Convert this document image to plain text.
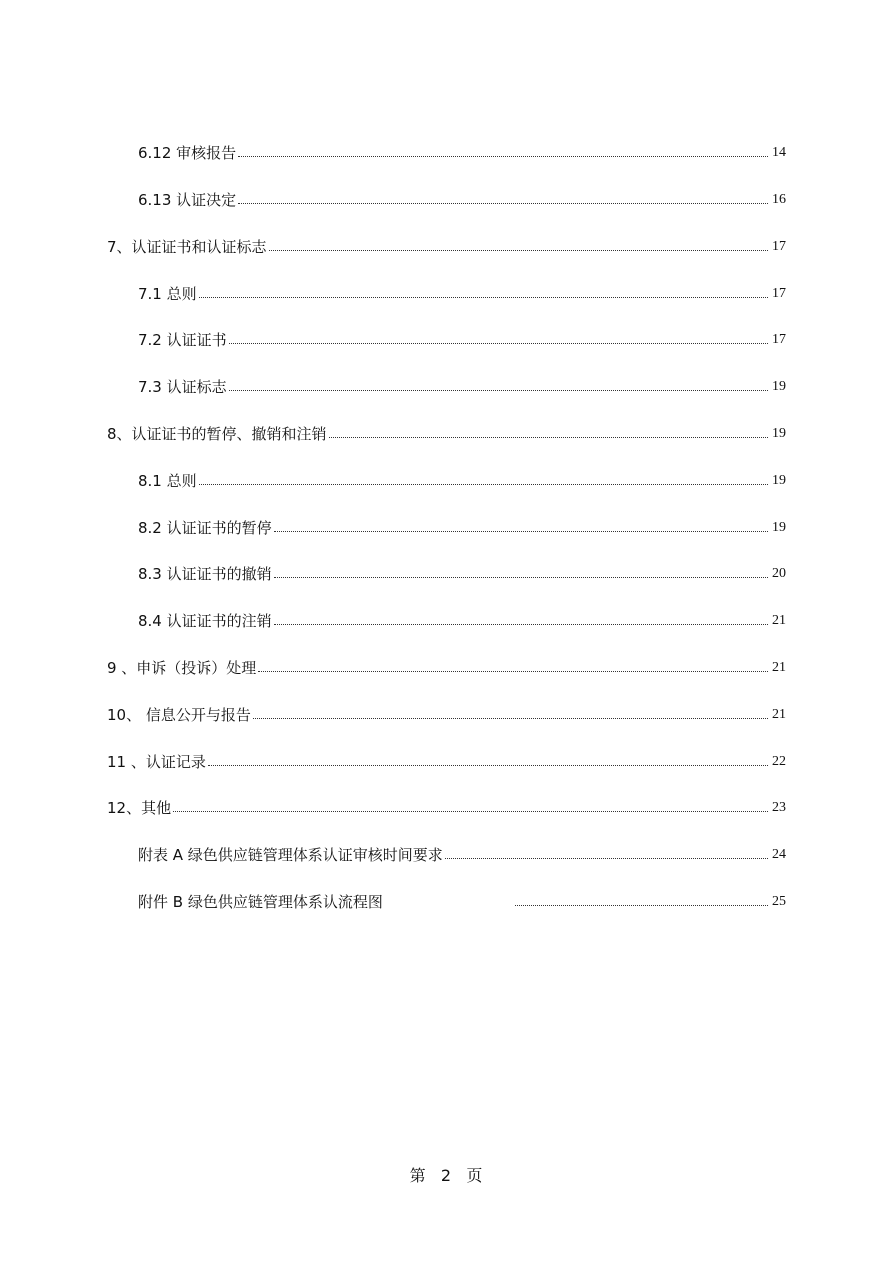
6.12 审核报告	14
6.13 认证决定	16
7、认证证书和认证标志	17
7.1 总则	17
7.2 认证证书	17
7.3 认证标志	19
8、认证证书的暂停、撤销和注销	19
8.1 总则	19
8.2 认证证书的暂停	19
8.3 认证证书的撤销	20
8.4 认证证书的注销	21
9 、申诉（投诉）处理	21
10、 信息公开与报告	21
11 、认证记录	22
12、其他	23
附表 A 绿色供应链管理体系认证审核时间要求	24
附件 B 绿色供应链管理体系认流程图	25
第 2 页
